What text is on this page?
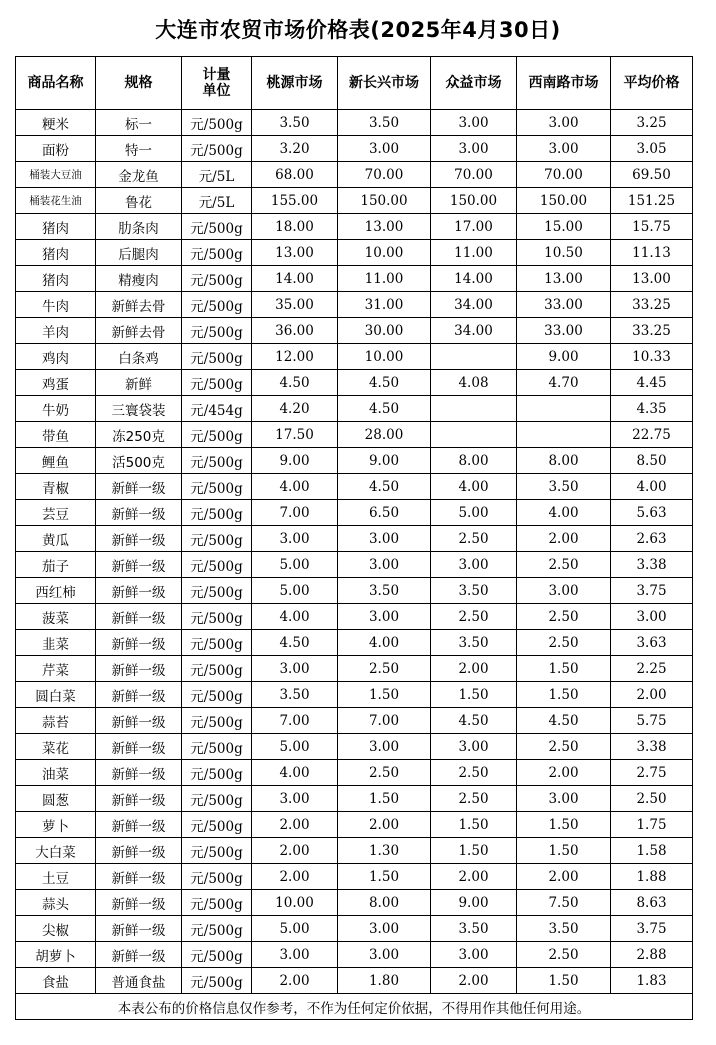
大连市农贸市场价格表(2025年4月30日)
商品名称	规格	计量单位	桃源市场	新长兴市场	众益市场	西南路市场	平均价格
粳米	标一	元/500g	3.50	3.50	3.00	3.00	3.25
面粉	特一	元/500g	3.20	3.00	3.00	3.00	3.05
桶装大豆油	金龙鱼	元/5L	68.00	70.00	70.00	70.00	69.50
桶装花生油	鲁花	元/5L	155.00	150.00	150.00	150.00	151.25
猪肉	肋条肉	元/500g	18.00	13.00	17.00	15.00	15.75
猪肉	后腿肉	元/500g	13.00	10.00	11.00	10.50	11.13
猪肉	精瘦肉	元/500g	14.00	11.00	14.00	13.00	13.00
牛肉	新鲜去骨	元/500g	35.00	31.00	34.00	33.00	33.25
羊肉	新鲜去骨	元/500g	36.00	30.00	34.00	33.00	33.25
鸡肉	白条鸡	元/500g	12.00	10.00		9.00	10.33
鸡蛋	新鲜	元/500g	4.50	4.50	4.08	4.70	4.45
牛奶	三寰袋装	元/454g	4.20	4.50			4.35
带鱼	冻250克	元/500g	17.50	28.00			22.75
鲤鱼	活500克	元/500g	9.00	9.00	8.00	8.00	8.50
青椒	新鲜一级	元/500g	4.00	4.50	4.00	3.50	4.00
芸豆	新鲜一级	元/500g	7.00	6.50	5.00	4.00	5.63
黄瓜	新鲜一级	元/500g	3.00	3.00	2.50	2.00	2.63
茄子	新鲜一级	元/500g	5.00	3.00	3.00	2.50	3.38
西红柿	新鲜一级	元/500g	5.00	3.50	3.50	3.00	3.75
菠菜	新鲜一级	元/500g	4.00	3.00	2.50	2.50	3.00
韭菜	新鲜一级	元/500g	4.50	4.00	3.50	2.50	3.63
芹菜	新鲜一级	元/500g	3.00	2.50	2.00	1.50	2.25
圆白菜	新鲜一级	元/500g	3.50	1.50	1.50	1.50	2.00
蒜苔	新鲜一级	元/500g	7.00	7.00	4.50	4.50	5.75
菜花	新鲜一级	元/500g	5.00	3.00	3.00	2.50	3.38
油菜	新鲜一级	元/500g	4.00	2.50	2.50	2.00	2.75
圆葱	新鲜一级	元/500g	3.00	1.50	2.50	3.00	2.50
萝卜	新鲜一级	元/500g	2.00	2.00	1.50	1.50	1.75
大白菜	新鲜一级	元/500g	2.00	1.30	1.50	1.50	1.58
土豆	新鲜一级	元/500g	2.00	1.50	2.00	2.00	1.88
蒜头	新鲜一级	元/500g	10.00	8.00	9.00	7.50	8.63
尖椒	新鲜一级	元/500g	5.00	3.00	3.50	3.50	3.75
胡萝卜	新鲜一级	元/500g	3.00	3.00	3.00	2.50	2.88
食盐	普通食盐	元/500g	2.00	1.80	2.00	1.50	1.83
本表公布的价格信息仅作参考，不作为任何定价依据，不得用作其他任何用途。							
